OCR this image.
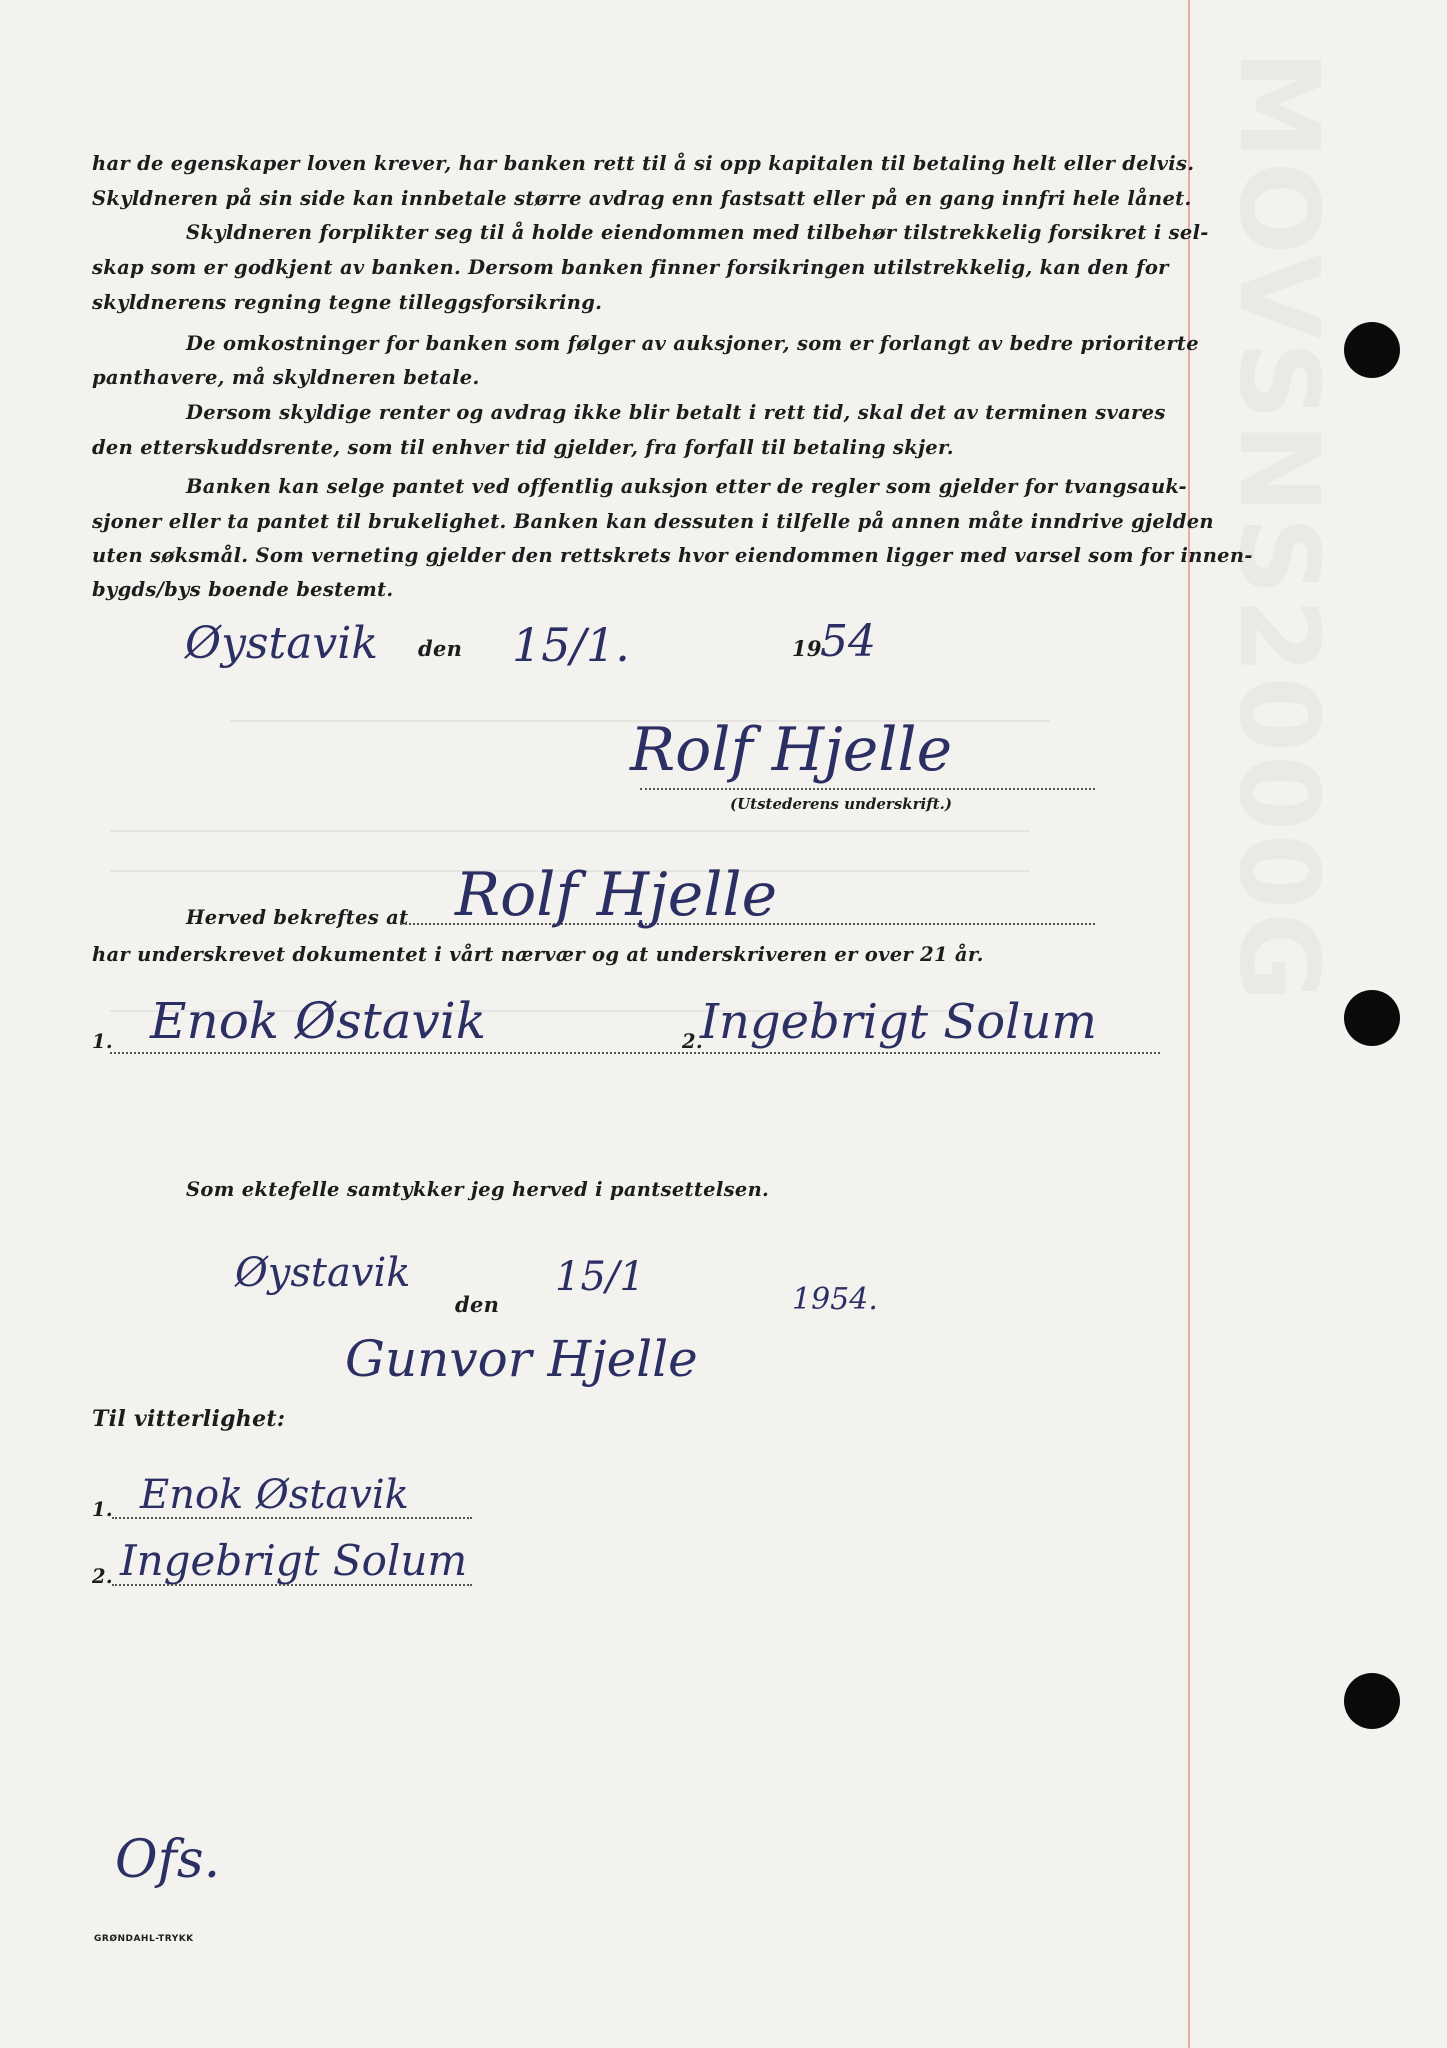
har de egenskaper loven krever, har banken rett til å si opp kapitalen til betaling helt eller delvis.
Skyldneren på sin side kan innbetale større avdrag enn fastsatt eller på en gang innfri hele lånet.
Skyldneren forplikter seg til å holde eiendommen med tilbehør tilstrekkelig forsikret i sel-
skap som er godkjent av banken. Dersom banken finner forsikringen utilstrekkelig, kan den for
skyldnerens regning tegne tilleggsforsikring.
De omkostninger for banken som følger av auksjoner, som er forlangt av bedre prioriterte
panthavere, må skyldneren betale.
Dersom skyldige renter og avdrag ikke blir betalt i rett tid, skal det av terminen svares
den etterskuddsrente, som til enhver tid gjelder, fra forfall til betaling skjer.
Banken kan selge pantet ved offentlig auksjon etter de regler som gjelder for tvangsauk-
sjoner eller ta pantet til brukelighet. Banken kan dessuten i tilfelle på annen måte inndrive gjelden
uten søksmål. Som verneting gjelder den rettskrets hvor eiendommen ligger med varsel som for innen-
bygds/bys boende bestemt.
Øystavik den 15/1.	19
54
Rolf Hjelle
(Utstederens underskrift.)
Herved bekreftes at Rolf Hjelle
har underskrevet dokumentet i vårt nærvær og at underskriveren er over 21 år.
1. Enok Østavik	2.
Ingebrigt Solum
Som ektefelle samtykker jeg herved i pantsettelsen.
Øystavik
den
15/1	1954.
Gunvor Hjelle
Til vitterlighet:
1. Enok Østavik
2. Ingebrigt Solum
Ofs.
GRØNDAHL-TRYKK
